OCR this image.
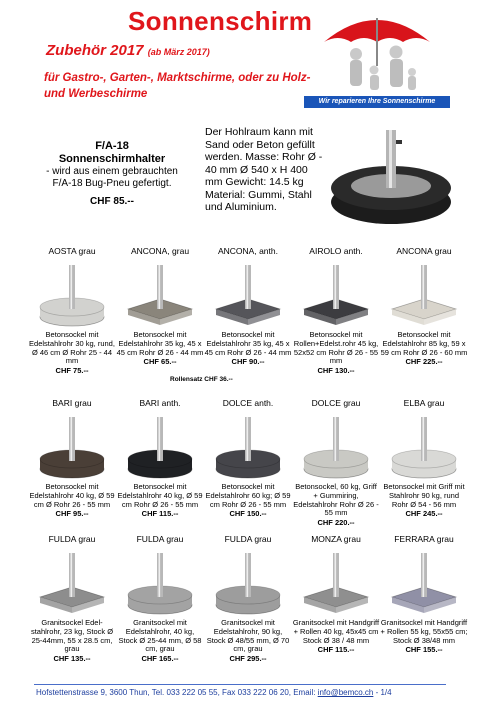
Sonnenschirm
Zubehör 2017 (ab März 2017)
für Gastro-, Garten-, Marktschirme, oder zu Holz- und Werbeschirme
Wir reparieren Ihre Sonnenschirme
F/A-18
Sonnenschirmhalter
- wird aus einem gebrauchten F/A-18 Bug-Pneu gefertigt.
CHF 85.--
Der Hohlraum kann mit Sand oder Beton gefüllt werden. Masse: Rohr Ø - 40 mm Ø 540 x H 400 mm Gewicht: 14.5 kg Material: Gummi, Stahl und Aluminium.
AOSTA grau
Betonsockel mit Edelstahlrohr 30 kg, rund, Ø 46 cm Ø Rohr 25 - 44 mm
CHF 75.--
ANCONA, grau
Betonsockel mit Edelstahlrohr 35 kg, 45 x 45 cm Rohr Ø 26 - 44 mm
CHF 65.--
ANCONA, anth.
Betonsockel mit Edelstahlrohr 35 kg, 45 x 45 cm Rohr Ø 26 - 44 mm
CHF 90.--
AIROLO anth.
Betonsockel mit Rollen+Edelst.rohr 45 kg, 52x52 cm Rohr Ø 26 - 55 mm
CHF 130.--
ANCONA grau
Betonsockel mit Edelstahlrohr 85 kg, 59 x 59 cm Rohr Ø 26 - 60 mm
CHF 225.--
BARI grau
Betonsockel mit Edelstahlrohr 40 kg, Ø 59 cm Ø Rohr 26 - 55 mm
CHF 95.--
BARI anth.
Betonsockel mit Edelstahlrohr 40 kg, Ø 59 cm Rohr Ø 26 - 55 mm
CHF 115.--
DOLCE anth.
Betonsockel mit Edelstahlrohr 60 kg; Ø 59 cm Rohr Ø 26 - 55 mm
CHF 150.--
DOLCE grau
Betonsockel, 60 kg, Griff + Gummiring, Edelstahlrohr Rohr Ø 26 - 55 mm
CHF 220.--
ELBA grau
Betonsockel mit Griff mit Stahlrohr 90 kg, rund Rohr Ø 54 - 56 mm
CHF 245.--
FULDA grau
Granitsockel Edel- stahlrohr, 23 kg, Stock Ø 25-44mm, 55 x 28.5 cm, grau
CHF 135.--
FULDA grau
Granitsockel mit Edelstahlrohr, 40 kg, Stock Ø 25-44 mm, Ø 58 cm, grau
CHF 165.--
FULDA grau
Granitsockel mit Edelstahlrohr, 90 kg, Stock Ø 48/55 mm, Ø 70 cm, grau
CHF 295.--
MONZA grau
Granitsockel mit Handgriff + Rollen 40 kg, 45x45 cm Stock Ø 38 / 48 mm
CHF 115.--
FERRARA grau
Granitsockel mit Handgriff + Rollen 55 kg, 55x55 cm; Stock Ø 38/48 mm
CHF 155.--
Rollensatz CHF 36.--
Hofstettenstrasse 9, 3600 Thun, Tel. 033 222 05 55, Fax 033 222 06 20, Email: info@bemco.ch - 1/4
